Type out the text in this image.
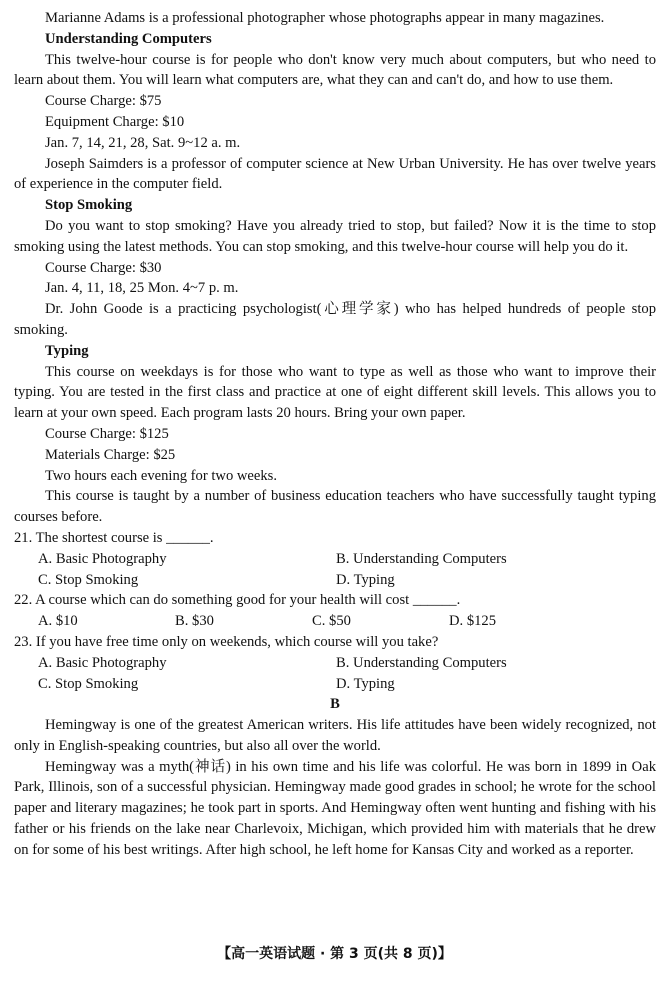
Marianne Adams is a professional photographer whose photographs appear in many magazines.

Understanding Computers

This twelve-hour course is for people who don't know very much about computers, but who need to learn about them. You will learn what computers are, what they can and can't do, and how to use them.

Course Charge: $75

Equipment Charge: $10

Jan. 7, 14, 21, 28, Sat. 9~12 a. m.

Joseph Saimders is a professor of computer science at New Urban University. He has over twelve years of experience in the computer field.

Stop Smoking

Do you want to stop smoking? Have you already tried to stop, but failed? Now it is the time to stop smoking using the latest methods. You can stop smoking, and this twelve-hour course will help you do it.

Course Charge: $30

Jan. 4, 11, 18, 25 Mon. 4~7 p. m.

Dr. John Goode is a practicing psychologist(心理学家) who has helped hundreds of people stop smoking.

Typing

This course on weekdays is for those who want to type as well as those who want to improve their typing. You are tested in the first class and practice at one of eight different skill levels. This allows you to learn at your own speed. Each program lasts 20 hours. Bring your own paper.

Course Charge: $125

Materials Charge: $25

Two hours each evening for two weeks.

This course is taught by a number of business education teachers who have successfully taught typing courses before.

21. The shortest course is ______.

A. Basic Photography	B. Understanding Computers
C. Stop Smoking	D. Typing

22. A course which can do something good for your health will cost ______.

A. $10	B. $30	C. $50	D. $125

23. If you have free time only on weekends, which course will you take?

A. Basic Photography	B. Understanding Computers
C. Stop Smoking	D. Typing

B

Hemingway is one of the greatest American writers. His life attitudes have been widely recognized, not only in English-speaking countries, but also all over the world.

Hemingway was a myth(神话) in his own time and his life was colorful. He was born in 1899 in Oak Park, Illinois, son of a successful physician. Hemingway made good grades in school; he wrote for the school paper and literary magazines; he took part in sports. And Hemingway often went hunting and fishing with his father or his friends on the lake near Charlevoix, Michigan, which provided him with materials that he drew on for some of his best writings. After high school, he left home for Kansas City and worked as a reporter.

【高一英语试题 · 第 3 页(共 8 页)】
